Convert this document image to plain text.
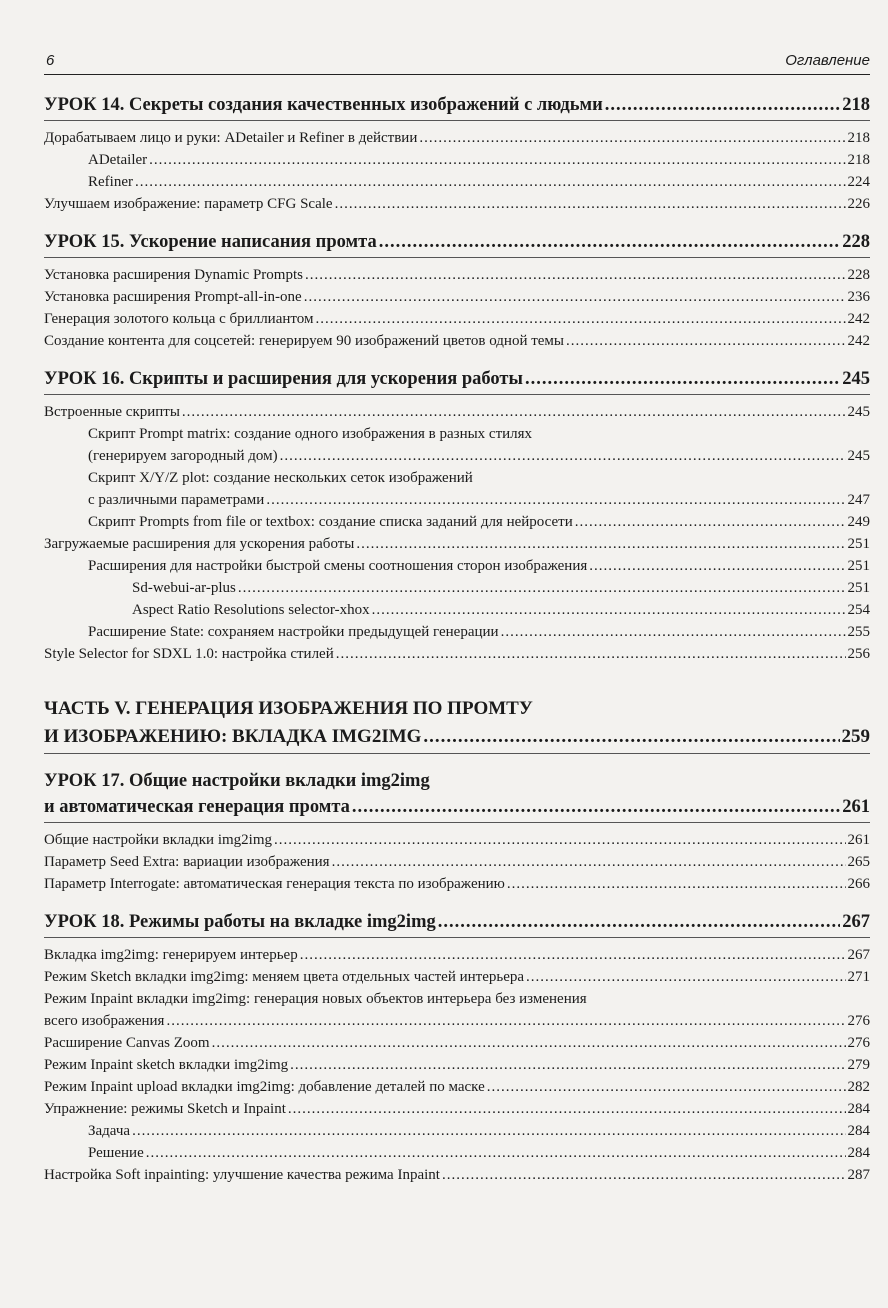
6	Оглавление
УРОК 14. Секреты создания качественных изображений с людьми .....	218
Дорабатываем лицо и руки: ADetailer и Refiner в действии .....	218
ADetailer .....	218
Refiner .....	224
Улучшаем изображение: параметр CFG Scale .....	226
УРОК 15. Ускорение написания промта .....	228
Установка расширения Dynamic Prompts .....	228
Установка расширения Prompt-all-in-one .....	236
Генерация золотого кольца с бриллиантом .....	242
Создание контента для соцсетей: генерируем 90 изображений цветов одной темы .....	242
УРОК 16. Скрипты и расширения для ускорения работы .....	245
Встроенные скрипты .....	245
Скрипт Prompt matrix: создание одного изображения в разных стилях
(генерируем загородный дом) .....	245
Скрипт X/Y/Z plot: создание нескольких сеток изображений
с различными параметрами .....	247
Скрипт Prompts from file or textbox: создание списка заданий для нейросети .....	249
Загружаемые расширения для ускорения работы .....	251
Расширения для настройки быстрой смены соотношения сторон изображения .....	251
Sd-webui-ar-plus .....	251
Aspect Ratio Resolutions selector-xhox .....	254
Расширение State: сохраняем настройки предыдущей генерации .....	255
Style Selector for SDXL 1.0: настройка стилей .....	256
ЧАСТЬ V. ГЕНЕРАЦИЯ ИЗОБРАЖЕНИЯ ПО ПРОМТУ
И ИЗОБРАЖЕНИЮ: ВКЛАДКА IMG2IMG .....	259
УРОК 17. Общие настройки вкладки img2img
и автоматическая генерация промта .....	261
Общие настройки вкладки img2img .....	261
Параметр Seed Extra: вариации изображения .....	265
Параметр Interrogate: автоматическая генерация текста по изображению .....	266
УРОК 18. Режимы работы на вкладке img2img .....	267
Вкладка img2img: генерируем интерьер .....	267
Режим Sketch вкладки img2img: меняем цвета отдельных частей интерьера .....	271
Режим Inpaint вкладки img2img: генерация новых объектов интерьера без изменения
всего изображения .....	276
Расширение Canvas Zoom .....	276
Режим Inpaint sketch вкладки img2img .....	279
Режим Inpaint upload вкладки img2img: добавление деталей по маске .....	282
Упражнение: режимы Sketch и Inpaint .....	284
Задача .....	284
Решение .....	284
Настройка Soft inpainting: улучшение качества режима Inpaint .....	287
